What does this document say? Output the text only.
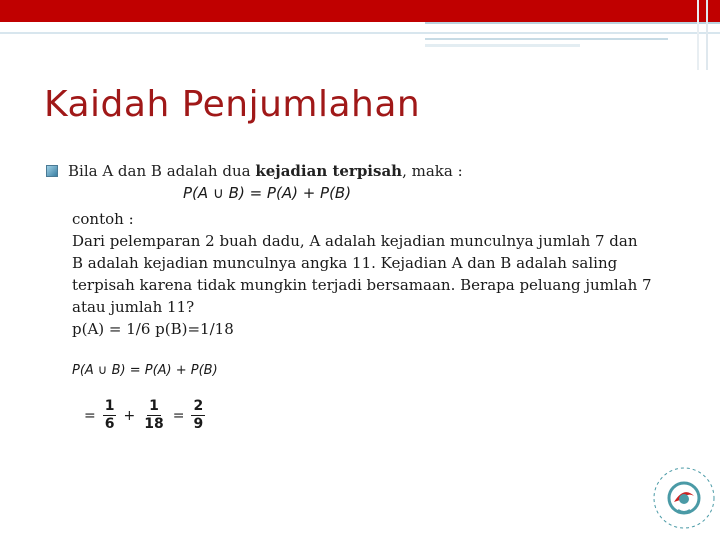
Kaidah Penjumlahan
Bila A dan B adalah dua kejadian terpisah, maka :
P(A ∪ B) = P(A) + P(B)
contoh :
Dari pelemparan 2 buah dadu, A adalah kejadian munculnya jumlah 7 dan
B adalah kejadian munculnya angka 11. Kejadian A dan B adalah saling
terpisah karena tidak mungkin terjadi bersamaan. Berapa peluang jumlah 7
atau jumlah 11?
p(A) = 1/6 p(B)=1/18
P(A ∪ B) = P(A) + P(B)
= $\frac{1}{6} + \frac{1}{18} = \frac{2}{9}$
